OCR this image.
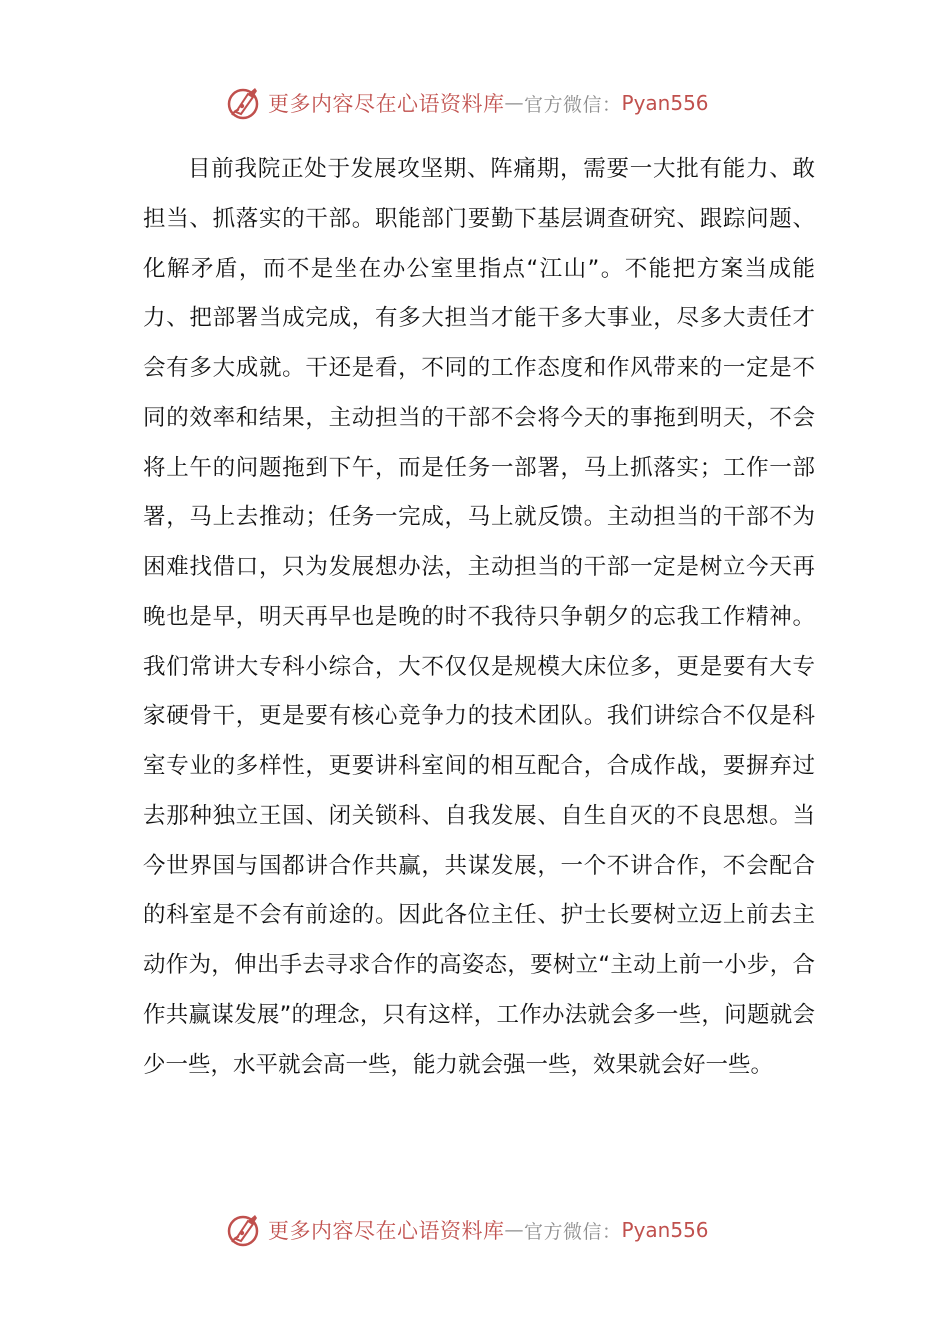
更多内容尽在心语资料库 — 官方微信： Pyan556

目前我院正处于发展攻坚期、阵痛期，需要一大批有能力、敢担当、抓落实的干部。职能部门要勤下基层调查研究、跟踪问题、化解矛盾，而不是坐在办公室里指点“江山”。不能把方案当成能力、把部署当成完成，有多大担当才能干多大事业，尽多大责任才会有多大成就。干还是看，不同的工作态度和作风带来的一定是不同的效率和结果，主动担当的干部不会将今天的事拖到明天，不会将上午的问题拖到下午，而是任务一部署，马上抓落实；工作一部署，马上去推动；任务一完成，马上就反馈。主动担当的干部不为困难找借口，只为发展想办法，主动担当的干部一定是树立今天再晚也是早，明天再早也是晚的时不我待只争朝夕的忘我工作精神。我们常讲大专科小综合，大不仅仅是规模大床位多，更是要有大专家硬骨干，更是要有核心竞争力的技术团队。我们讲综合不仅是科室专业的多样性，更要讲科室间的相互配合，合成作战，要摒弃过去那种独立王国、闭关锁科、自我发展、自生自灭的不良思想。当今世界国与国都讲合作共赢，共谋发展，一个不讲合作，不会配合的科室是不会有前途的。因此各位主任、护士长要树立迈上前去主动作为，伸出手去寻求合作的高姿态，要树立“主动上前一小步，合作共赢谋发展”的理念，只有这样，工作办法就会多一些，问题就会少一些，水平就会高一些，能力就会强一些，效果就会好一些。

更多内容尽在心语资料库 — 官方微信： Pyan556
